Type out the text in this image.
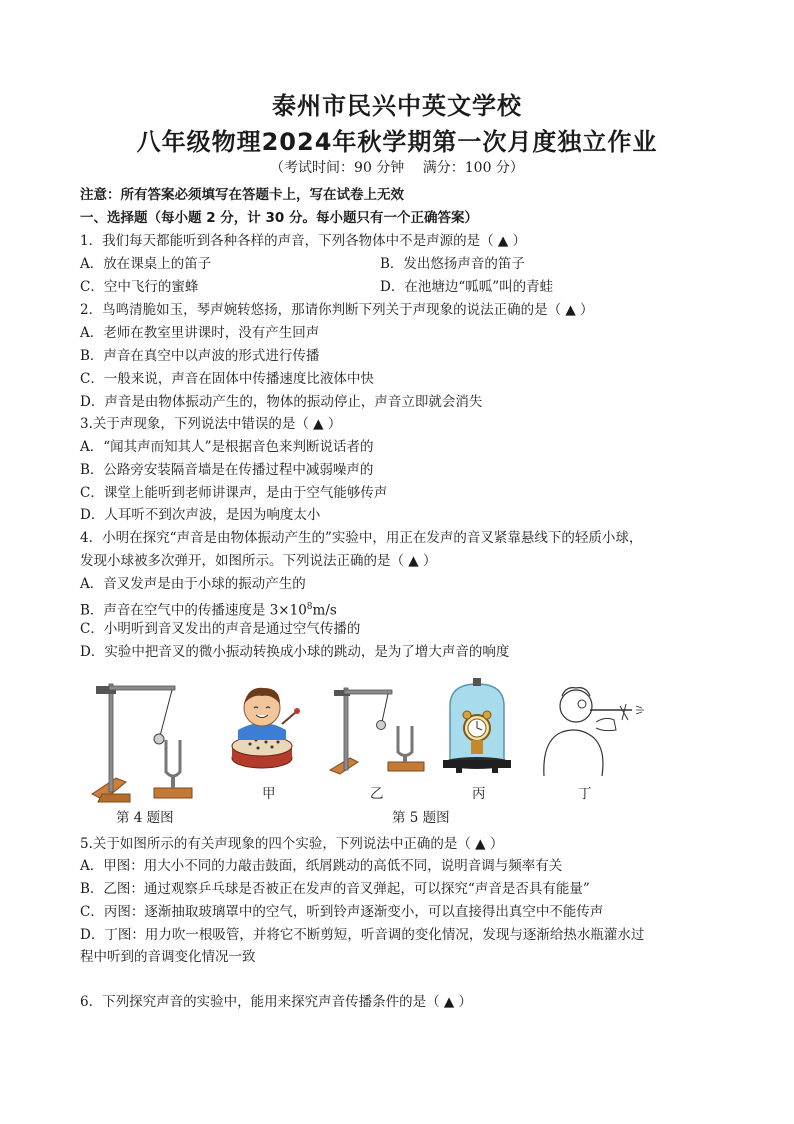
泰州市民兴中英文学校
八年级物理2024年秋学期第一次月度独立作业
（考试时间：90 分钟　 满分：100 分）
注意：所有答案必须填写在答题卡上，写在试卷上无效
一、选择题（每小题 2 分，计 30 分。每小题只有一个正确答案）
1．我们每天都能听到各种各样的声音，下列各物体中不是声源的是（ ▲ ）
A．放在课桌上的笛子	B．发出悠扬声音的笛子
C．空中飞行的蜜蜂	D．在池塘边“呱呱”叫的青蛙
2．鸟鸣清脆如玉，琴声婉转悠扬，那请你判断下列关于声现象的说法正确的是（ ▲ ）
A．老师在教室里讲课时，没有产生回声
B．声音在真空中以声波的形式进行传播
C．一般来说，声音在固体中传播速度比液体中快
D．声音是由物体振动产生的，物体的振动停止，声音立即就会消失
3.关于声现象，下列说法中错误的是（ ▲ ）
A．“闻其声而知其人”是根据音色来判断说话者的
B．公路旁安装隔音墙是在传播过程中减弱噪声的
C．课堂上能听到老师讲课声，是由于空气能够传声
D．人耳听不到次声波，是因为响度太小
4．小明在探究“声音是由物体振动产生的”实验中，用正在发声的音叉紧靠悬线下的轻质小球，
发现小球被多次弹开，如图所示。下列说法正确的是（ ▲ ）
A．音叉发声是由于小球的振动产生的
B．声音在空气中的传播速度是 $3\times 10^8m/s$
C．小明听到音叉发出的声音是通过空气传播的
D．实验中把音叉的微小振动转换成小球的跳动，是为了增大声音的响度
甲	乙	丙	丁
第 4 题图	第 5 题图
5.关于如图所示的有关声现象的四个实验，下列说法中正确的是（ ▲ ）
A．甲图：用大小不同的力敲击鼓面，纸屑跳动的高低不同，说明音调与频率有关
B．乙图：通过观察乒乓球是否被正在发声的音叉弹起，可以探究“声音是否具有能量”
C．丙图：逐渐抽取玻璃罩中的空气，听到铃声逐渐变小，可以直接得出真空中不能传声
D．丁图：用力吹一根吸管，并将它不断剪短，听音调的变化情况，发现与逐渐给热水瓶灌水过
程中听到的音调变化情况一致
6．下列探究声音的实验中，能用来探究声音传播条件的是（ ▲ ）
